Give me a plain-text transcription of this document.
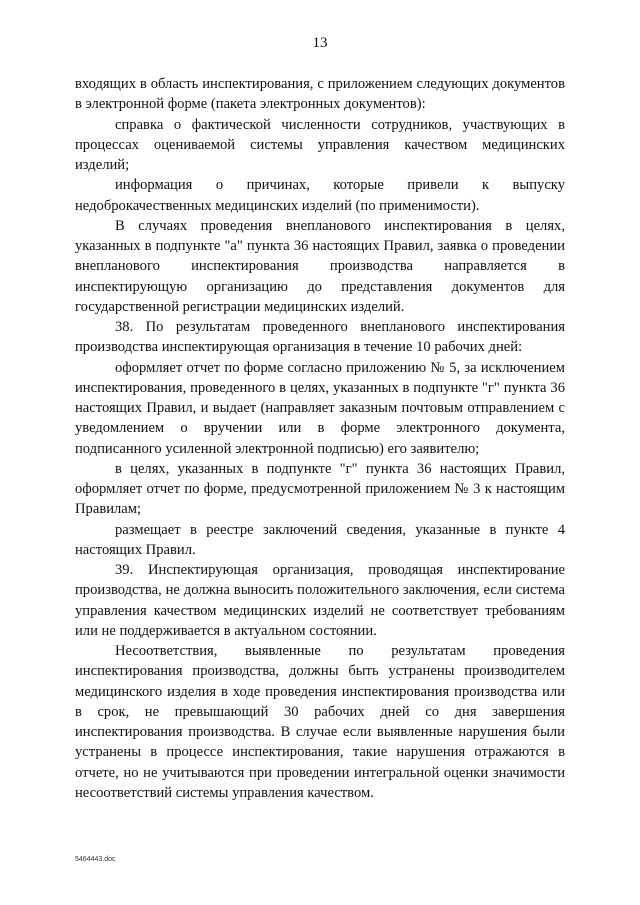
13

входящих в область инспектирования, с приложением следующих документов в электронной форме (пакета электронных документов):

справка о фактической численности сотрудников, участвующих в процессах оцениваемой системы управления качеством медицинских изделий;

информация о причинах, которые привели к выпуску недоброкачественных медицинских изделий (по применимости).

В случаях проведения внепланового инспектирования в целях, указанных в подпункте "а" пункта 36 настоящих Правил, заявка о проведении внепланового инспектирования производства направляется в инспектирующую организацию до представления документов для государственной регистрации медицинских изделий.

38. По результатам проведенного внепланового инспектирования производства инспектирующая организация в течение 10 рабочих дней:

оформляет отчет по форме согласно приложению № 5, за исключением инспектирования, проведенного в целях, указанных в подпункте "г" пункта 36 настоящих Правил, и выдает (направляет заказным почтовым отправлением с уведомлением о вручении или в форме электронного документа, подписанного усиленной электронной подписью) его заявителю;

в целях, указанных в подпункте "г" пункта 36 настоящих Правил, оформляет отчет по форме, предусмотренной приложением № 3 к настоящим Правилам;

размещает в реестре заключений сведения, указанные в пункте 4 настоящих Правил.

39. Инспектирующая организация, проводящая инспектирование производства, не должна выносить положительного заключения, если система управления качеством медицинских изделий не соответствует требованиям или не поддерживается в актуальном состоянии.

Несоответствия, выявленные по результатам проведения инспектирования производства, должны быть устранены производителем медицинского изделия в ходе проведения инспектирования производства или в срок, не превышающий 30 рабочих дней со дня завершения инспектирования производства. В случае если выявленные нарушения были устранены в процессе инспектирования, такие нарушения отражаются в отчете, но не учитываются при проведении интегральной оценки значимости несоответствий системы управления качеством.

5464443.doc
